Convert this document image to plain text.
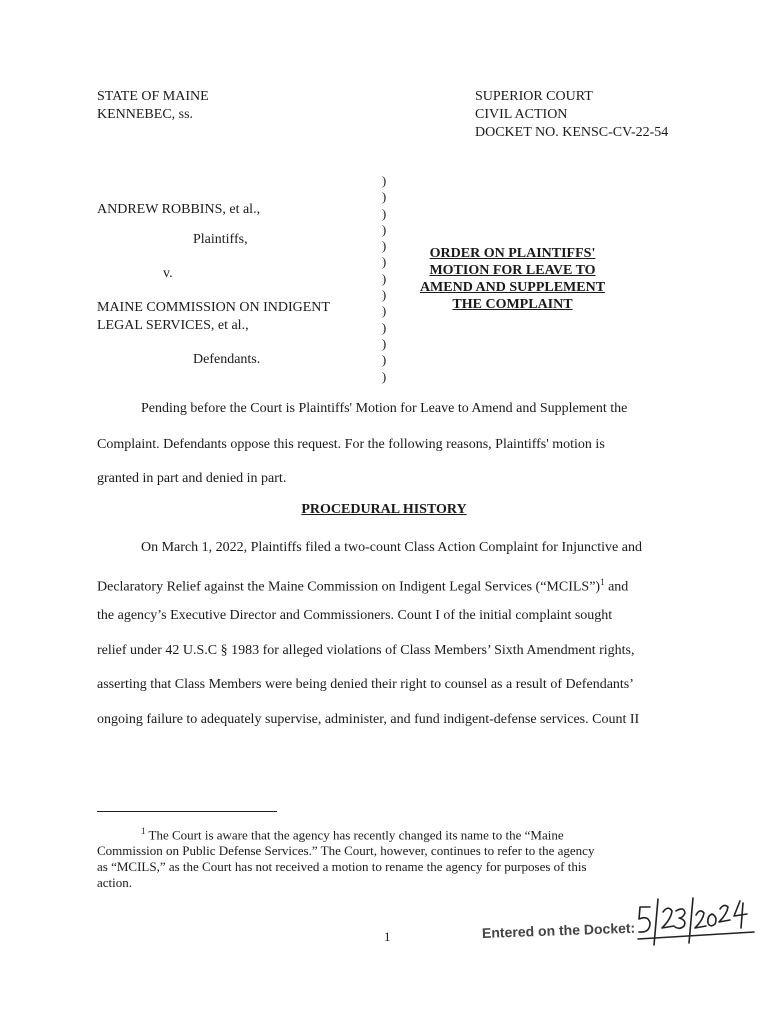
STATE OF MAINE
KENNEBEC, ss.
SUPERIOR COURT
CIVIL ACTION
DOCKET NO. KENSC-CV-22-54
ANDREW ROBBINS, et al.,
Plaintiffs,
v.
MAINE COMMISSION ON INDIGENT
LEGAL SERVICES, et al.,
Defendants.
)
)
)
)
)
)
)
)
)
)
)
)
)
ORDER ON PLAINTIFFS'
MOTION FOR LEAVE TO
AMEND AND SUPPLEMENT
THE COMPLAINT
Pending before the Court is Plaintiffs' Motion for Leave to Amend and Supplement the
Complaint. Defendants oppose this request. For the following reasons, Plaintiffs' motion is
granted in part and denied in part.
PROCEDURAL HISTORY
On March 1, 2022, Plaintiffs filed a two-count Class Action Complaint for Injunctive and
Declaratory Relief against the Maine Commission on Indigent Legal Services (“MCILS”)$^1$ and
the agency’s Executive Director and Commissioners. Count I of the initial complaint sought
relief under 42 U.S.C § 1983 for alleged violations of Class Members’ Sixth Amendment rights,
asserting that Class Members were being denied their right to counsel as a result of Defendants’
ongoing failure to adequately supervise, administer, and fund indigent-defense services. Count II
$^1$ The Court is aware that the agency has recently changed its name to the “Maine
Commission on Public Defense Services.” The Court, however, continues to refer to the agency
as “MCILS,” as the Court has not received a motion to rename the agency for purposes of this
action.
1	Entered on the Docket:
